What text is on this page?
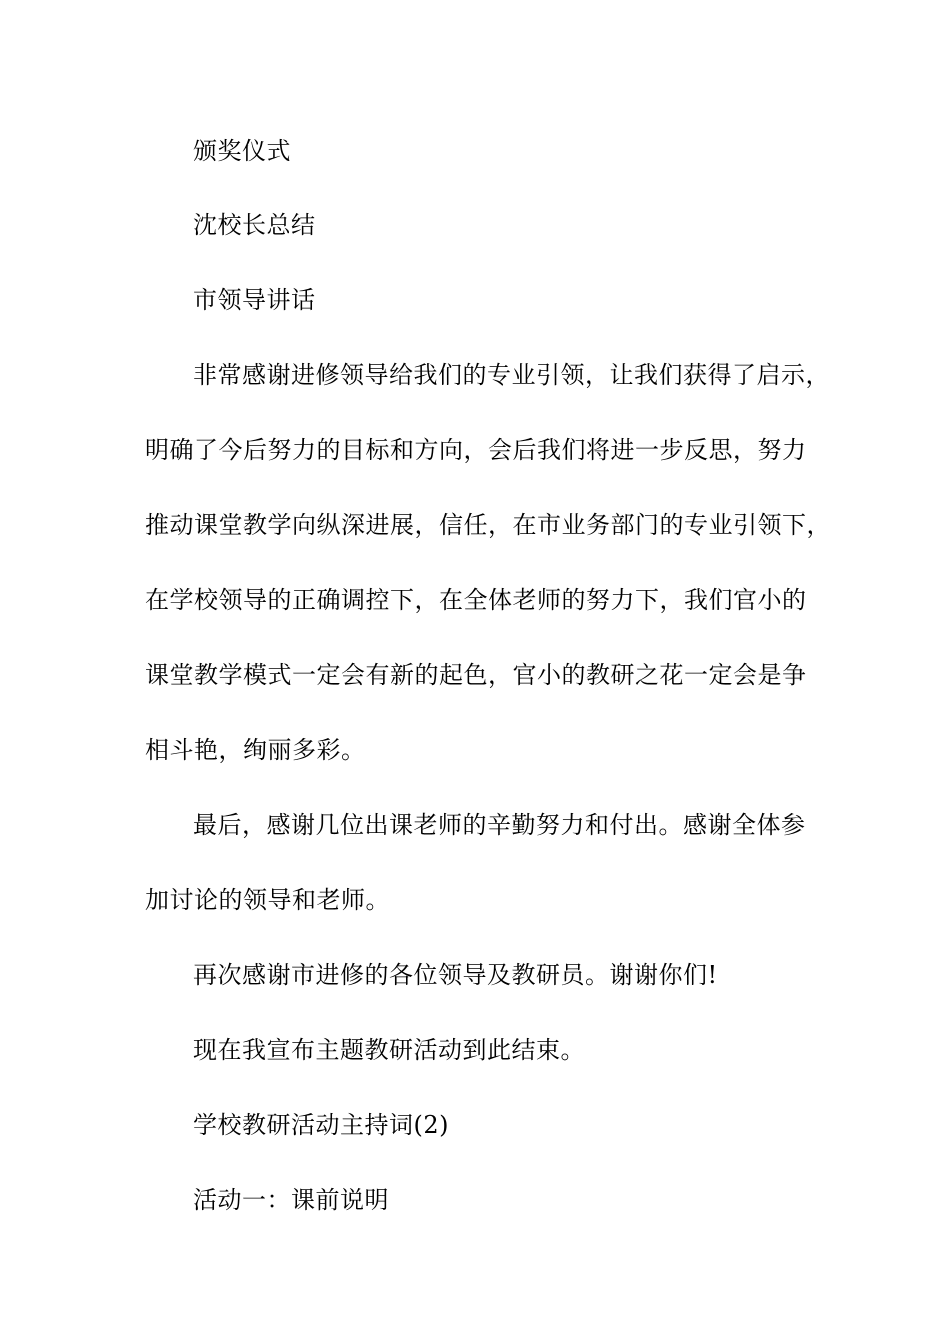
颁奖仪式
沈校长总结
市领导讲话
非常感谢进修领导给我们的专业引领，让我们获得了启示，
明确了今后努力的目标和方向，会后我们将进一步反思，努力
推动课堂教学向纵深进展，信任，在市业务部门的专业引领下，
在学校领导的正确调控下，在全体老师的努力下，我们官小的
课堂教学模式一定会有新的起色，官小的教研之花一定会是争
相斗艳，绚丽多彩。
最后，感谢几位出课老师的辛勤努力和付出。感谢全体参
加讨论的领导和老师。
再次感谢市进修的各位领导及教研员。谢谢你们!
现在我宣布主题教研活动到此结束。
学校教研活动主持词(2)
活动一：课前说明
